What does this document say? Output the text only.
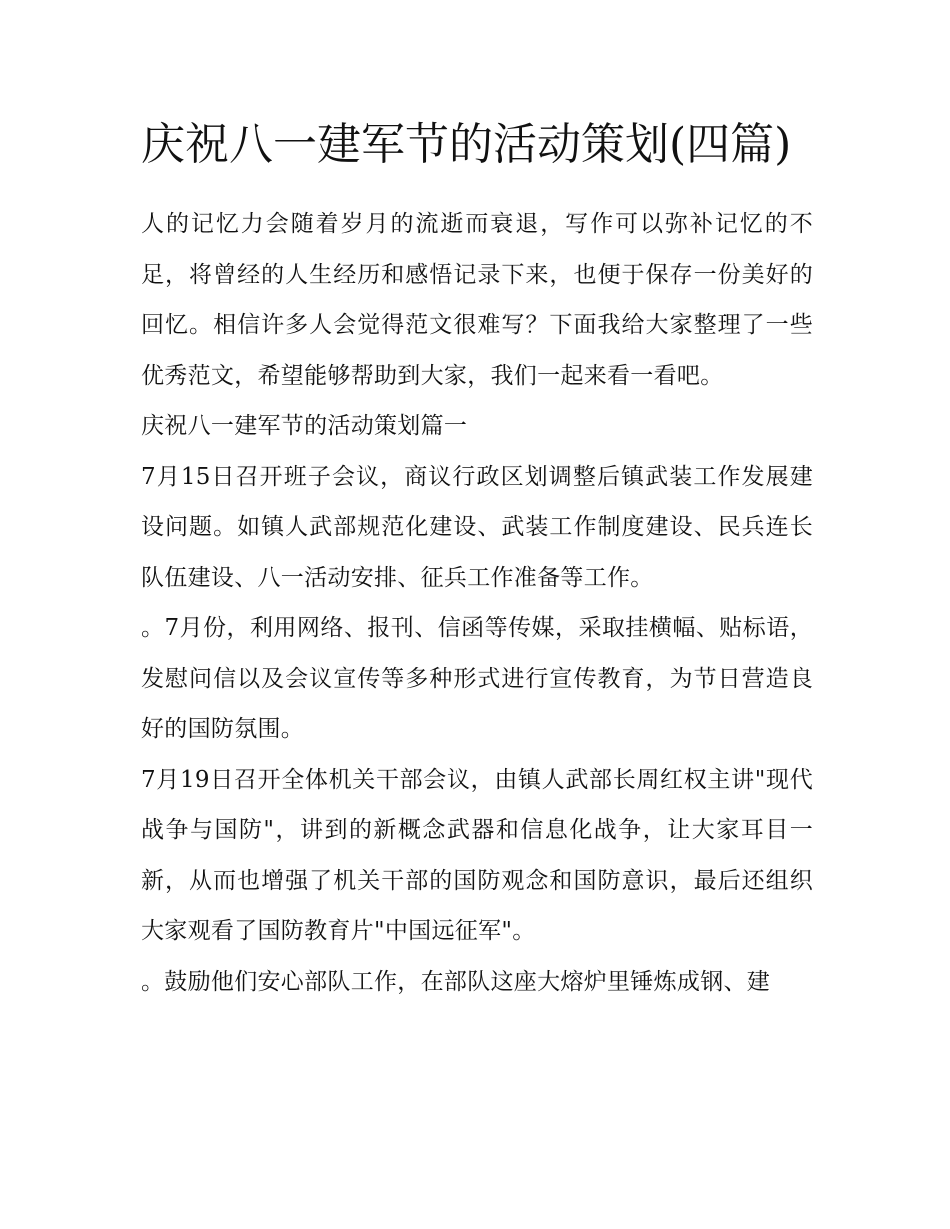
庆祝八一建军节的活动策划(四篇)

人的记忆力会随着岁月的流逝而衰退，写作可以弥补记忆的不足，将曾经的人生经历和感悟记录下来，也便于保存一份美好的回忆。相信许多人会觉得范文很难写？下面我给大家整理了一些优秀范文，希望能够帮助到大家，我们一起来看一看吧。

庆祝八一建军节的活动策划篇一

7月15日召开班子会议，商议行政区划调整后镇武装工作发展建设问题。如镇人武部规范化建设、武装工作制度建设、民兵连长队伍建设、八一活动安排、征兵工作准备等工作。

。7月份，利用网络、报刊、信函等传媒，采取挂横幅、贴标语，发慰问信以及会议宣传等多种形式进行宣传教育，为节日营造良好的国防氛围。

7月19日召开全体机关干部会议，由镇人武部长周红权主讲"现代战争与国防"，讲到的新概念武器和信息化战争，让大家耳目一新，从而也增强了机关干部的国防观念和国防意识，最后还组织大家观看了国防教育片"中国远征军"。

。鼓励他们安心部队工作，在部队这座大熔炉里锤炼成钢、建
